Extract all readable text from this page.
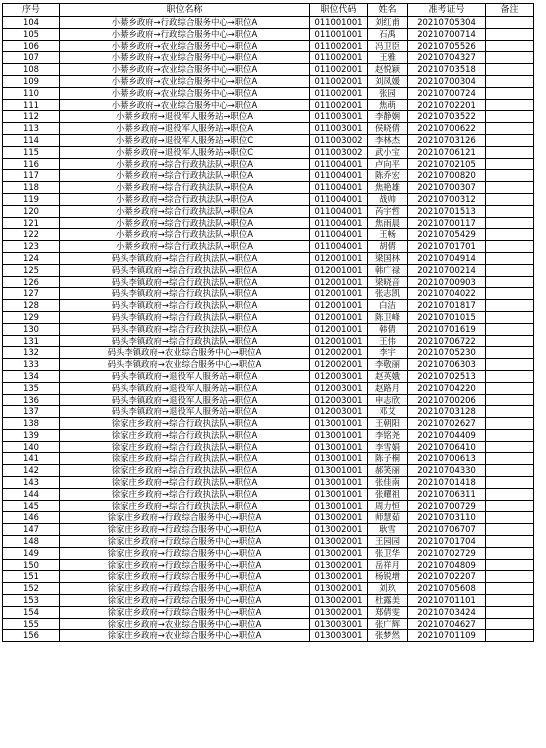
序号	职位名称	职位代码	姓名	准考证号	备注
104	小綦乡政府→行政综合服务中心→职位A	011001001	刘红甫	20210705304	
105	小綦乡政府→行政综合服务中心→职位A	011001001	石禹	20210700714	
106	小綦乡政府→农业综合服务中心→职位A	011002001	冯卫臣	20210705526	
107	小綦乡政府→农业综合服务中心→职位A	011002001	王雅	20210704327	
108	小綦乡政府→农业综合服务中心→职位A	011002001	赵悦颖	20210703518	
109	小綦乡政府→农业综合服务中心→职位A	011002001	刘凤媛	20210700304	
110	小綦乡政府→农业综合服务中心→职位A	011002001	张园	20210700724	
111	小綦乡政府→农业综合服务中心→职位A	011002001	焦萌	20210702201	
112	小綦乡政府→退役军人服务站→职位A	011003001	李静娴	20210703522	
113	小綦乡政府→退役军人服务站→职位A	011003001	侯晓倩	20210700622	
114	小綦乡政府→退役军人服务站→职位C	011003002	李林杰	20210703126	
115	小綦乡政府→退役军人服务站→职位C	011003002	武小宝	20210706121	
116	小綦乡政府→综合行政执法队→职位A	011004001	卢向平	20210702105	
117	小綦乡政府→综合行政执法队→职位A	011004001	陈乔宏	20210700820	
118	小綦乡政府→综合行政执法队→职位A	011004001	焦艳雄	20210700307	
119	小綦乡政府→综合行政执法队→职位A	011004001	战帅	20210700312	
120	小綦乡政府→综合行政执法队→职位A	011004001	芮宇哲	20210701513	
121	小綦乡政府→综合行政执法队→职位A	011004001	焦雨晨	20210700117	
122	小綦乡政府→综合行政执法队→职位A	011004001	王畅	20210705429	
123	小綦乡政府→综合行政执法队→职位A	011004001	胡倩	20210701701	
124	码头李镇政府→综合行政执法队→职位A	012001001	梁国林	20210704914	
125	码头李镇政府→综合行政执法队→职位A	012001001	韩广禄	20210700214	
126	码头李镇政府→综合行政执法队→职位A	012001001	梁晓音	20210700903	
127	码头李镇政府→综合行政执法队→职位A	012001001	张志凯	20210704022	
128	码头李镇政府→综合行政执法队→职位A	012001001	白洁	20210701817	
129	码头李镇政府→综合行政执法队→职位A	012001001	陈卫峰	20210701015	
130	码头李镇政府→综合行政执法队→职位A	012001001	韩倩	20210701619	
131	码头李镇政府→综合行政执法队→职位A	012001001	王伟	20210706722	
132	码头李镇政府→农业综合服务中心→职位A	012002001	李宇	20210705230	
133	码头李镇政府→农业综合服务中心→职位A	012002001	李敬丽	20210706303	
134	码头李镇政府→退役军人服务站→职位A	012003001	赵英娥	20210702513	
135	码头李镇政府→退役军人服务站→职位A	012003001	赵路月	20210704220	
136	码头李镇政府→退役军人服务站→职位A	012003001	申志欣	20210700206	
137	码头李镇政府→退役军人服务站→职位A	012003001	邓艾	20210703128	
138	徐家庄乡政府→综合行政执法队→职位A	013001001	王朝阳	20210702627	
139	徐家庄乡政府→综合行政执法队→职位A	013001001	李铭尧	20210704409	
140	徐家庄乡政府→综合行政执法队→职位A	013001001	李雪娟	20210706410	
141	徐家庄乡政府→综合行政执法队→职位A	013001001	陈子桐	20210700613	
142	徐家庄乡政府→综合行政执法队→职位A	013001001	郝笑丽	20210704330	
143	徐家庄乡政府→综合行政执法队→职位A	013001001	张佳南	20210701418	
144	徐家庄乡政府→综合行政执法队→职位A	013001001	张耀祖	20210706311	
145	徐家庄乡政府→综合行政执法队→职位A	013001001	周力恒	20210700729	
146	徐家庄乡政府→行政综合服务中心→职位A	013002001	师慧茹	20210703110	
147	徐家庄乡政府→行政综合服务中心→职位A	013002001	耿雪	20210706707	
148	徐家庄乡政府→行政综合服务中心→职位A	013002001	王园园	20210701704	
149	徐家庄乡政府→行政综合服务中心→职位A	013002001	张卫华	20210702729	
150	徐家庄乡政府→行政综合服务中心→职位A	013002001	岳祥月	20210704809	
151	徐家庄乡政府→行政综合服务中心→职位A	013002001	杨锐增	20210702207	
152	徐家庄乡政府→行政综合服务中心→职位A	013002001	刘玖	20210705608	
153	徐家庄乡政府→行政综合服务中心→职位A	013002001	杜露美	20210701101	
154	徐家庄乡政府→行政综合服务中心→职位A	013002001	郑倩雯	20210703424	
155	徐家庄乡政府→农业综合服务中心→职位A	013003001	张广辉	20210704627	
156	徐家庄乡政府→农业综合服务中心→职位A	013003001	张梦然	20210701109	
